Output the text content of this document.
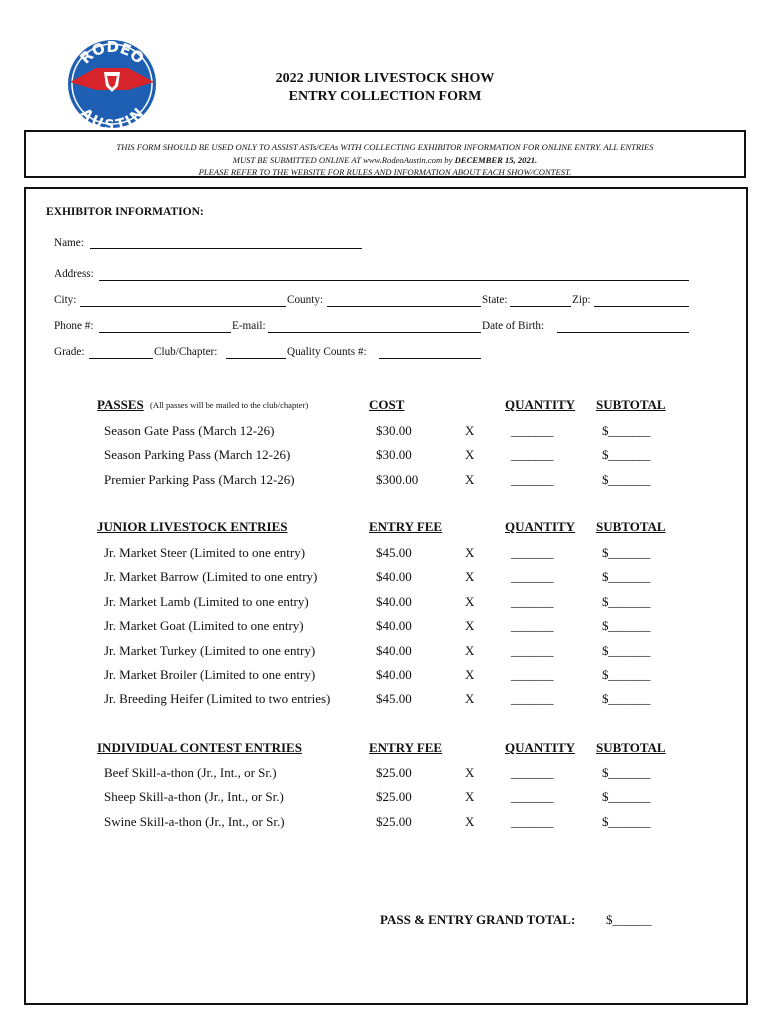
RODEO
AUSTIN
2022 JUNIOR LIVESTOCK SHOW
ENTRY COLLECTION FORM
THIS FORM SHOULD BE USED ONLY TO ASSIST ASTs/CEAs WITH COLLECTING EXHIBITOR INFORMATION FOR ONLINE ENTRY. ALL ENTRIES
MUST BE SUBMITTED ONLINE AT www.RodeoAustin.com by DECEMBER 15, 2021.
PLEASE REFER TO THE WEBSITE FOR RULES AND INFORMATION ABOUT EACH SHOW/CONTEST.
EXHIBITOR INFORMATION:
Name:
Address:
City:	County:	State:	Zip:
Phone #:	E-mail:	Date of Birth:
Grade:	Club/Chapter:	Quality Counts #:
PASSES (All passes will be mailed to the club/chapter)	COST	QUANTITY SUBTOTAL
Season Gate Pass (March 12-26)	$30.00	X	_______	$_______
Season Parking Pass (March 12-26)	$30.00	X	_______	$_______
Premier Parking Pass (March 12-26)	$300.00	X	_______	$_______
JUNIOR LIVESTOCK ENTRIES	ENTRY FEE	QUANTITY SUBTOTAL
Jr. Market Steer (Limited to one entry)	$45.00	X	_______	$_______
Jr. Market Barrow (Limited to one entry)	$40.00	X	_______	$_______
Jr. Market Lamb (Limited to one entry)	$40.00	X	_______	$_______
Jr. Market Goat (Limited to one entry)	$40.00	X	_______	$_______
Jr. Market Turkey (Limited to one entry)	$40.00	X	_______	$_______
Jr. Market Broiler (Limited to one entry)	$40.00	X	_______	$_______
Jr. Breeding Heifer (Limited to two entries)	$45.00	X	_______	$_______
INDIVIDUAL CONTEST ENTRIES	ENTRY FEE	QUANTITY SUBTOTAL
Beef Skill-a-thon (Jr., Int., or Sr.)	$25.00	X	_______	$_______
Sheep Skill-a-thon (Jr., Int., or Sr.)	$25.00	X	_______	$_______
Swine Skill-a-thon (Jr., Int., or Sr.)	$25.00	X	_______	$_______
PASS & ENTRY GRAND TOTAL: $______
